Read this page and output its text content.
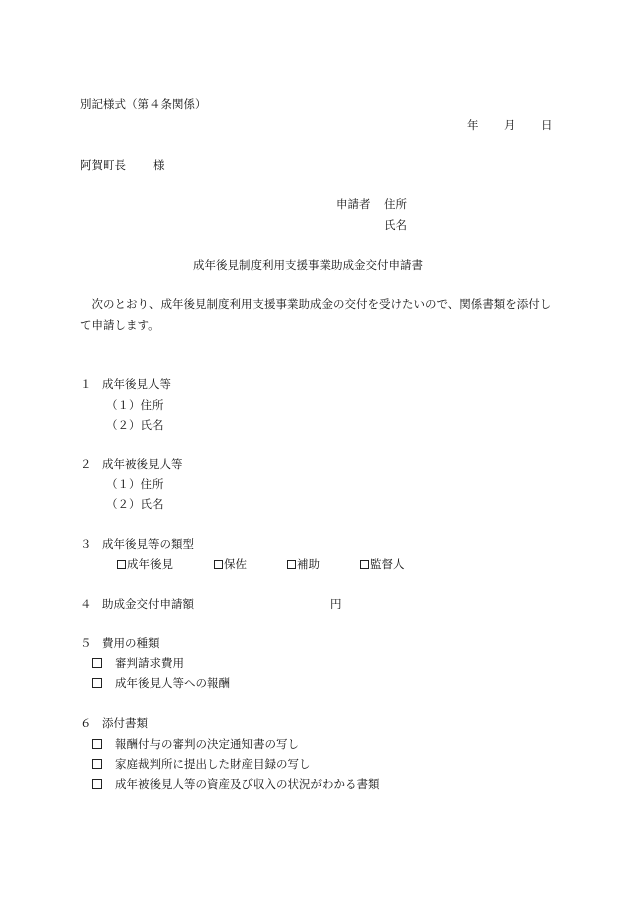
別記様式（第４条関係）
年 月 日
阿賀町長 様
申請者 住所
氏名
成年後見制度利用支援事業助成金交付申請書
　次のとおり、成年後見制度利用支援事業助成金の交付を受けたいので、関係書類を添付して申請します。
１ 成年後見人等
（１）住所
（２）氏名
２ 成年被後見人等
（１）住所
（２）氏名
３ 成年後見等の類型
成年後見	保佐	補助	監督人
４ 助成金交付申請額	円
５ 費用の種類
審判請求費用
成年後見人等への報酬
６ 添付書類
報酬付与の審判の決定通知書の写し
家庭裁判所に提出した財産目録の写し
成年被後見人等の資産及び収入の状況がわかる書類
